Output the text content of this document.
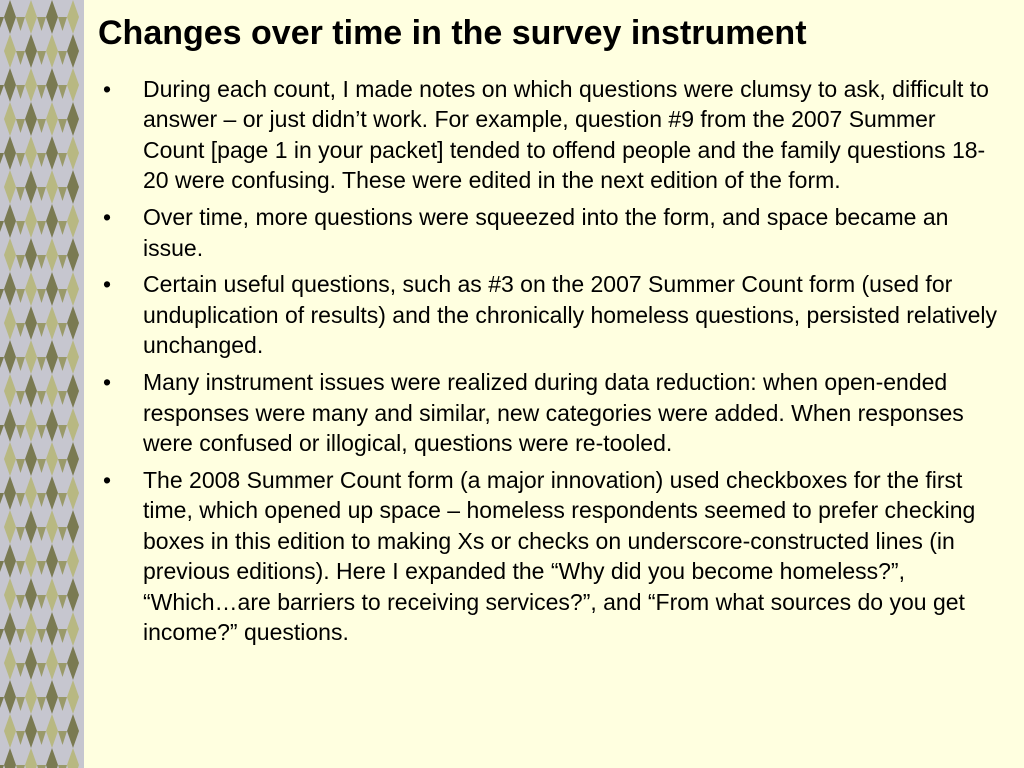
Changes over time in the survey instrument
• During each count, I made notes on which questions were clumsy to ask, difficult to answer – or just didn’t work. For example, question #9 from the 2007 Summer Count [page 1 in your packet] tended to offend people and the family questions 18-20 were confusing. These were edited in the next edition of the form.
• Over time, more questions were squeezed into the form, and space became an issue.
• Certain useful questions, such as #3 on the 2007 Summer Count form (used for unduplication of results) and the chronically homeless questions, persisted relatively unchanged.
• Many instrument issues were realized during data reduction: when open-ended responses were many and similar, new categories were added. When responses were confused or illogical, questions were re-tooled.
• The 2008 Summer Count form (a major innovation) used checkboxes for the first time, which opened up space – homeless respondents seemed to prefer checking boxes in this edition to making Xs or checks on underscore-constructed lines (in previous editions). Here I expanded the “Why did you become homeless?”, “Which…are barriers to receiving services?”, and “From what sources do you get income?” questions.
